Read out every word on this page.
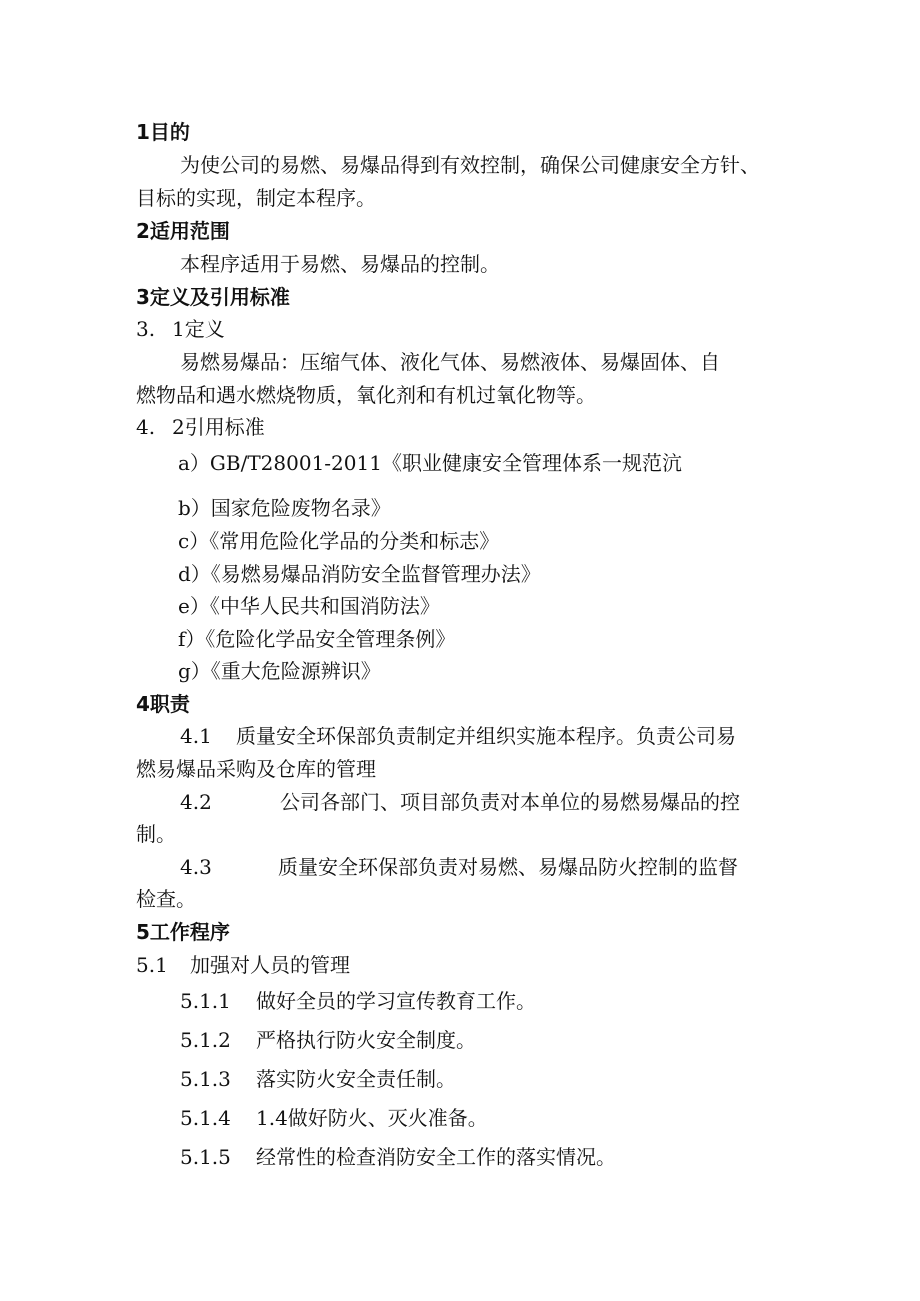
1目的
为使公司的易燃、易爆品得到有效控制，确保公司健康安全方针、
目标的实现，制定本程序。
2适用范围
本程序适用于易燃、易爆品的控制。
3定义及引用标准
3. 1定义
易燃易爆品：压缩气体、液化气体、易燃液体、易爆固体、自
燃物品和遇水燃烧物质，氧化剂和有机过氧化物等。
4. 2引用标准
a）GB/T28001-2011《职业健康安全管理体系一规范沆
b）国家危险废物名录》
c）《常用危险化学品的分类和标志》
d）《易燃易爆品消防安全监督管理办法》
e）《中华人民共和国消防法》
f）《危险化学品安全管理条例》
g）《重大危险源辨识》
4职责
4.1 质量安全环保部负责制定并组织实施本程序。负责公司易
燃易爆品采购及仓库的管理
4.2	公司各部门、项目部负责对本单位的易燃易爆品的控
制。
4.3	质量安全环保部负责对易燃、易爆品防火控制的监督
检查。
5工作程序
5.1 加强对人员的管理
5.1.1 做好全员的学习宣传教育工作。
5.1.2 严格执行防火安全制度。
5.1.3 落实防火安全责任制。
5.1.4 1.4做好防火、灭火准备。
5.1.5 经常性的检查消防安全工作的落实情况。
